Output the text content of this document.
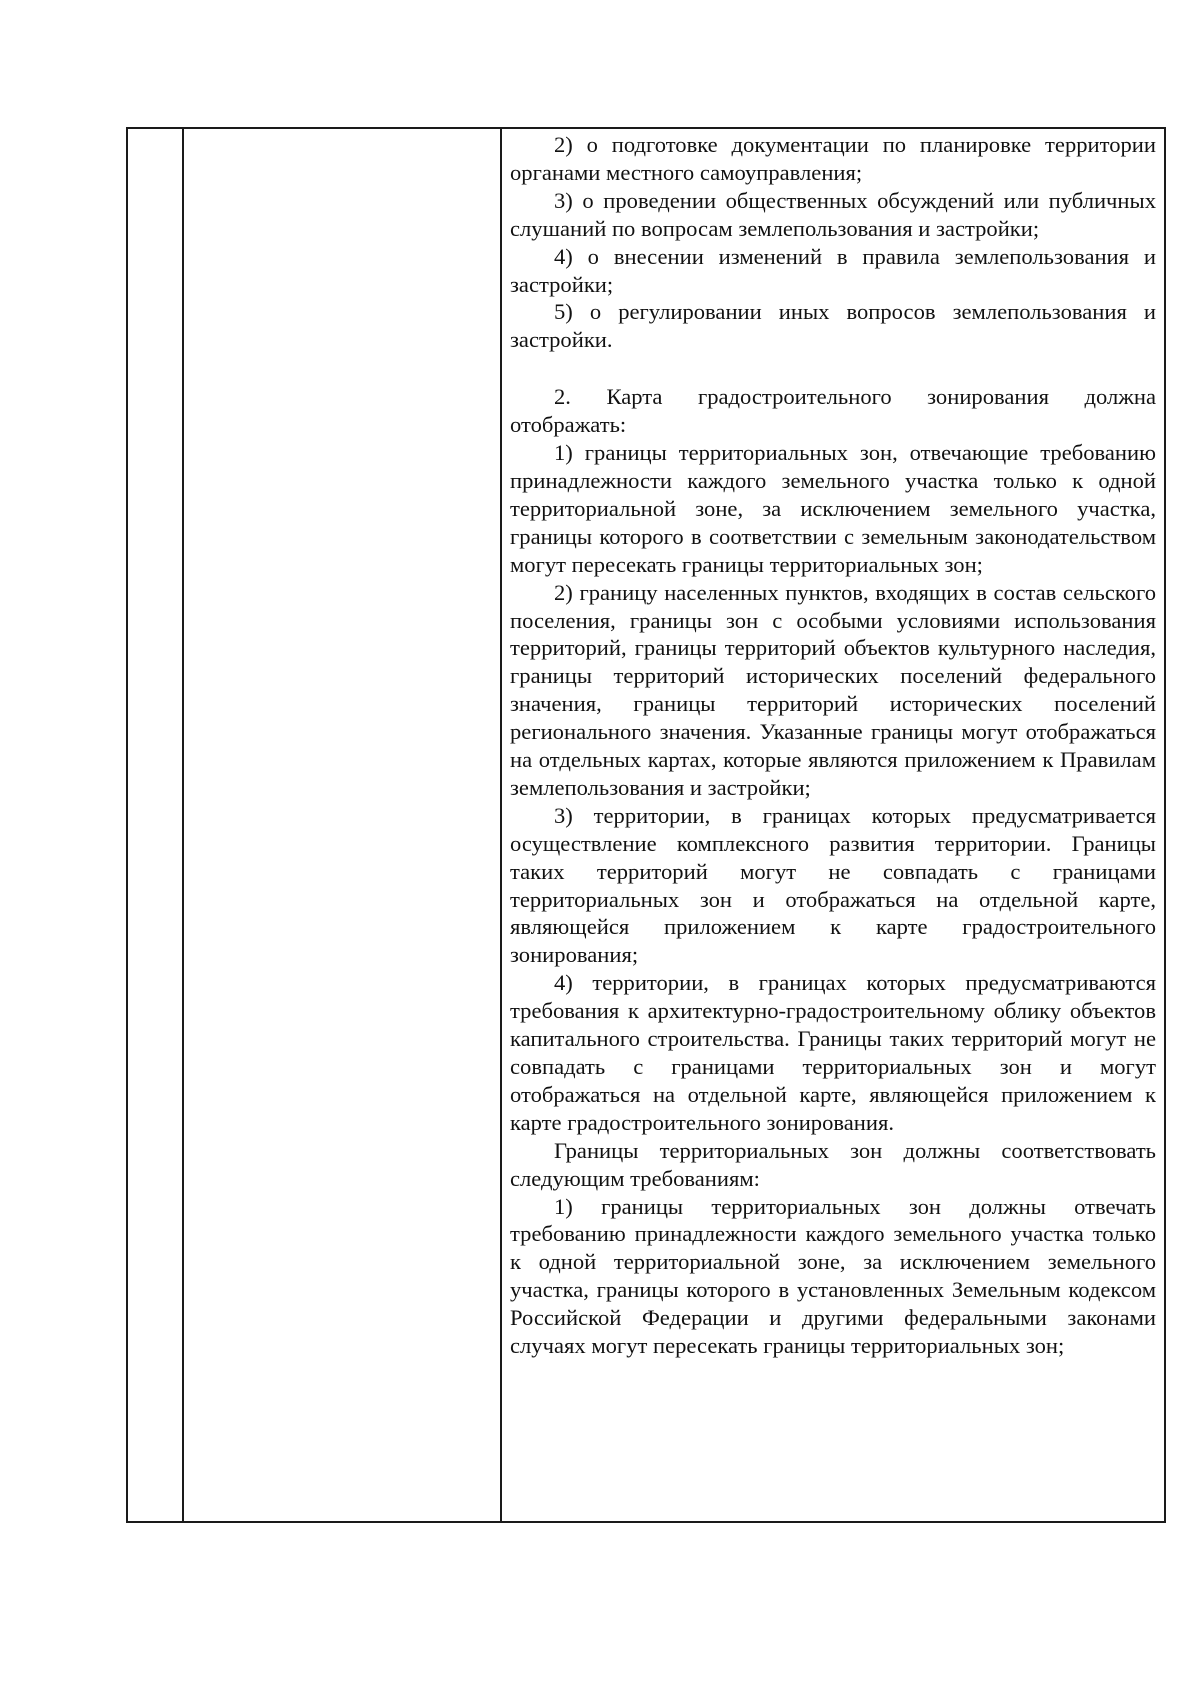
2) о подготовке документации по планировке территории органами местного самоуправления;

3) о проведении общественных обсуждений или публичных слушаний по вопросам землепользования и застройки;

4) о внесении изменений в правила землепользования и застройки;

5) о регулировании иных вопросов землепользования и застройки.

2. Карта градостроительного зонирования должна отображать:

1) границы территориальных зон, отвечающие требованию принадлежности каждого земельного участка только к одной территориальной зоне, за исключением земельного участка, границы которого в соответствии с земельным законодательством могут пересекать границы территориальных зон;

2) границу населенных пунктов, входящих в состав сельского поселения, границы зон с особыми условиями использования территорий, границы территорий объектов культурного наследия, границы территорий исторических поселений федерального значения, границы территорий исторических поселений регионального значения. Указанные границы могут отображаться на отдельных картах, которые являются приложением к Правилам землепользования и застройки;

3) территории, в границах которых предусматривается осуществление комплексного развития территории. Границы таких территорий могут не совпадать с границами территориальных зон и отображаться на отдельной карте, являющейся приложением к карте градостроительного зонирования;

4) территории, в границах которых предусматриваются требования к архитектурно-градостроительному облику объектов капитального строительства. Границы таких территорий могут не совпадать с границами территориальных зон и могут отображаться на отдельной карте, являющейся приложением к карте градостроительного зонирования.

Границы территориальных зон должны соответствовать следующим требованиям:

1) границы территориальных зон должны отвечать требованию принадлежности каждого земельного участка только к одной территориальной зоне, за исключением земельного участка, границы которого в установленных Земельным кодексом Российской Федерации и другими федеральными законами случаях могут пересекать границы территориальных зон;
